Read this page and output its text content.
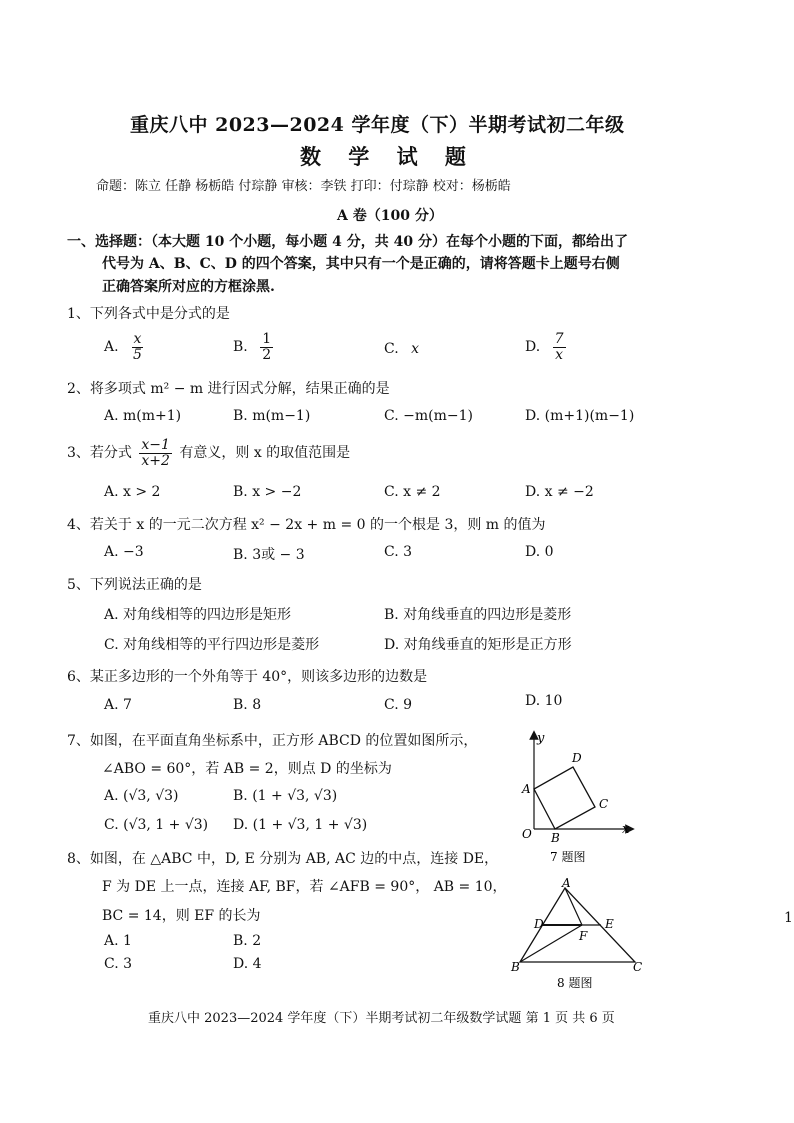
重庆八中 2023—2024 学年度（下）半期考试初二年级
数 学 试 题
命题：陈立 任静 杨栃皓 付琮静 审核：李铁 打印：付琮静 校对：杨栃皓
A 卷（100 分）
一、选择题：（本大题 10 个小题，每小题 4 分，共 40 分）在每个小题的下面，都给出了
代号为 A、B、C、D 的四个答案，其中只有一个是正确的，请将答题卡上题号右侧
正确答案所对应的方框涂黑.
1、下列各式中是分式的是
A. $\frac{x}{5}$	B. $\frac{1}{2}$	C. x	D. $\frac{7}{x}$
2、将多项式 m² − m 进行因式分解，结果正确的是
A. m(m+1)	B. m(m−1)	C. −m(m−1)	D. (m+1)(m−1)
3、若分式 $\frac{x-1}{x+2}$ 有意义，则 x 的取值范围是
A. x > 2	B. x > −2	C. x ≠ 2	D. x ≠ −2
4、若关于 x 的一元二次方程 x² − 2x + m = 0 的一个根是 3，则 m 的值为
A. −3	B. 3或 − 3	C. 3	D. 0
5、下列说法正确的是
A. 对角线相等的四边形是矩形	B. 对角线垂直的四边形是菱形
C. 对角线相等的平行四边形是菱形	D. 对角线垂直的矩形是正方形
6、某正多边形的一个外角等于 40°，则该多边形的边数是
A. 7	B. 8	C. 9	D. 10
7、如图，在平面直角坐标系中，正方形 ABCD 的位置如图所示，
∠ABO = 60°，若 AB = 2，则点 D 的坐标为
A. (√3, √3)	B. (1 + √3, √3)
C. (√3, 1 + √3) D. (1 + √3, 1 + √3)
y
x
O
A
B
C
D
7 题图
8、如图，在 △ABC 中，D, E 分别为 AB, AC 边的中点，连接 DE，
F 为 DE 上一点，连接 AF, BF，若 ∠AFB = 90°， AB = 10，
BC = 14，则 EF 的长为
A. 1	B. 2
C. 3	D. 4
A
D	E
F
B	C
8 题图
1
重庆八中 2023—2024 学年度（下）半期考试初二年级数学试题 第 1 页 共 6 页
